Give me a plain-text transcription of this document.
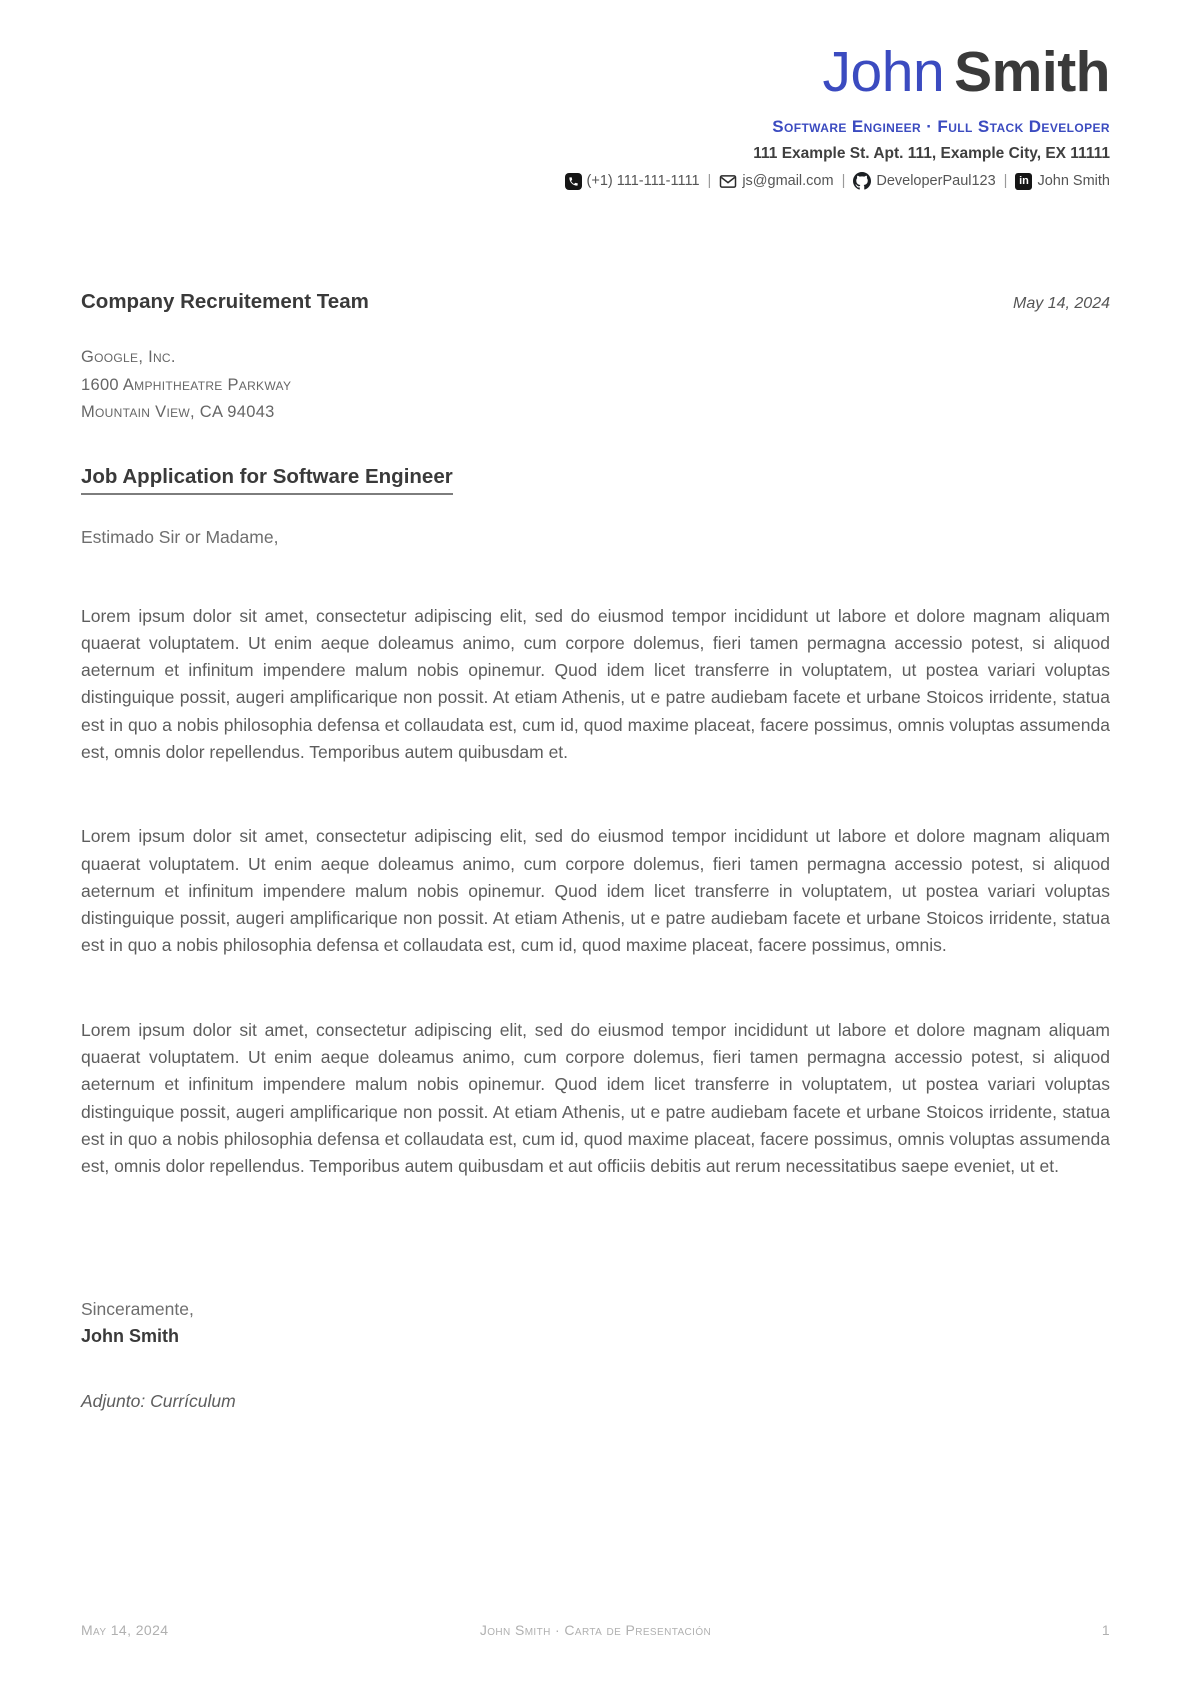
John Smith
Software Engineer · Full Stack Developer
111 Example St. Apt. 111, Example City, EX 11111
(+1) 111-111-1111 | js@gmail.com | DeveloperPaul123 |	in John Smith
Company Recruitement Team	May 14, 2024
Google, Inc.
1600 Amphitheatre Parkway
Mountain View, CA 94043
Job Application for Software Engineer
Estimado Sir or Madame,

Lorem ipsum dolor sit amet, consectetur adipiscing elit, sed do eiusmod tempor incididunt ut labore et dolore magnam aliquam quaerat voluptatem. Ut enim aeque doleamus animo, cum corpore dolemus, fieri tamen permagna accessio potest, si aliquod aeternum et infinitum impendere malum nobis opinemur. Quod idem licet transferre in voluptatem, ut postea variari voluptas distinguique possit, augeri amplificarique non possit. At etiam Athenis, ut e patre audiebam facete et urbane Stoicos irridente, statua est in quo a nobis philosophia defensa et collaudata est, cum id, quod maxime placeat, facere possimus, omnis voluptas assumenda est, omnis dolor repellendus. Temporibus autem quibusdam et.

Lorem ipsum dolor sit amet, consectetur adipiscing elit, sed do eiusmod tempor incididunt ut labore et dolore magnam aliquam quaerat voluptatem. Ut enim aeque doleamus animo, cum corpore dolemus, fieri tamen permagna accessio potest, si aliquod aeternum et infinitum impendere malum nobis opinemur. Quod idem licet transferre in voluptatem, ut postea variari voluptas distinguique possit, augeri amplificarique non possit. At etiam Athenis, ut e patre audiebam facete et urbane Stoicos irridente, statua est in quo a nobis philosophia defensa et collaudata est, cum id, quod maxime placeat, facere possimus, omnis.

Lorem ipsum dolor sit amet, consectetur adipiscing elit, sed do eiusmod tempor incididunt ut labore et dolore magnam aliquam quaerat voluptatem. Ut enim aeque doleamus animo, cum corpore dolemus, fieri tamen permagna accessio potest, si aliquod aeternum et infinitum impendere malum nobis opinemur. Quod idem licet transferre in voluptatem, ut postea variari voluptas distinguique possit, augeri amplificarique non possit. At etiam Athenis, ut e patre audiebam facete et urbane Stoicos irridente, statua est in quo a nobis philosophia defensa et collaudata est, cum id, quod maxime placeat, facere possimus, omnis voluptas assumenda est, omnis dolor repellendus. Temporibus autem quibusdam et aut officiis debitis aut rerum necessitatibus saepe eveniet, ut et.

Sinceramente,
John Smith
Adjunto: Currículum
May 14, 2024	John Smith · Carta de Presentación	1
